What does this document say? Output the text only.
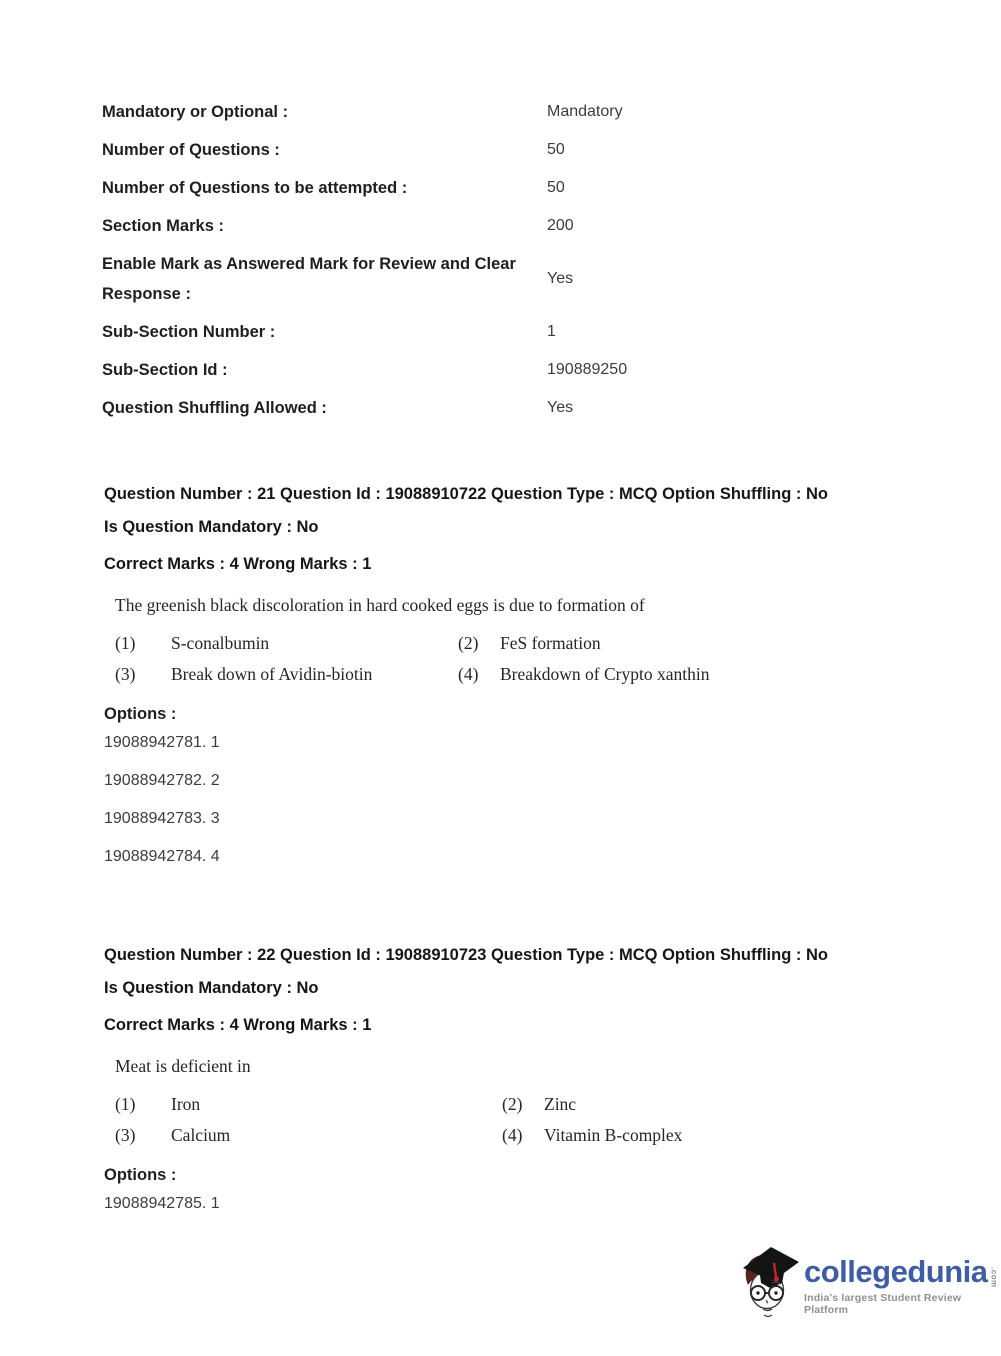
Mandatory or Optional :	Mandatory
Number of Questions :	50
Number of Questions to be attempted :	50
Section Marks :	200
Enable Mark as Answered Mark for Review and Clear Response :
Yes
Sub-Section Number :	1
Sub-Section Id :	190889250
Question Shuffling Allowed :	Yes
Question Number : 21 Question Id : 19088910722 Question Type : MCQ Option Shuffling : No
Is Question Mandatory : No
Correct Marks : 4 Wrong Marks : 1
The greenish black discoloration in hard cooked eggs is due to formation of
(1)	S-conalbumin	(2)	FeS formation
(3)	Break down of Avidin-biotin	(4)	Breakdown of Crypto xanthin
Options :
19088942781. 1
19088942782. 2
19088942783. 3
19088942784. 4
Question Number : 22 Question Id : 19088910723 Question Type : MCQ Option Shuffling : No
Is Question Mandatory : No
Correct Marks : 4 Wrong Marks : 1
Meat is deficient in
(1)	Iron	(2)	Zinc
(3)	Calcium	(4)	Vitamin B-complex
Options :
19088942785. 1
collegedunia .com
India's largest Student Review Platform
